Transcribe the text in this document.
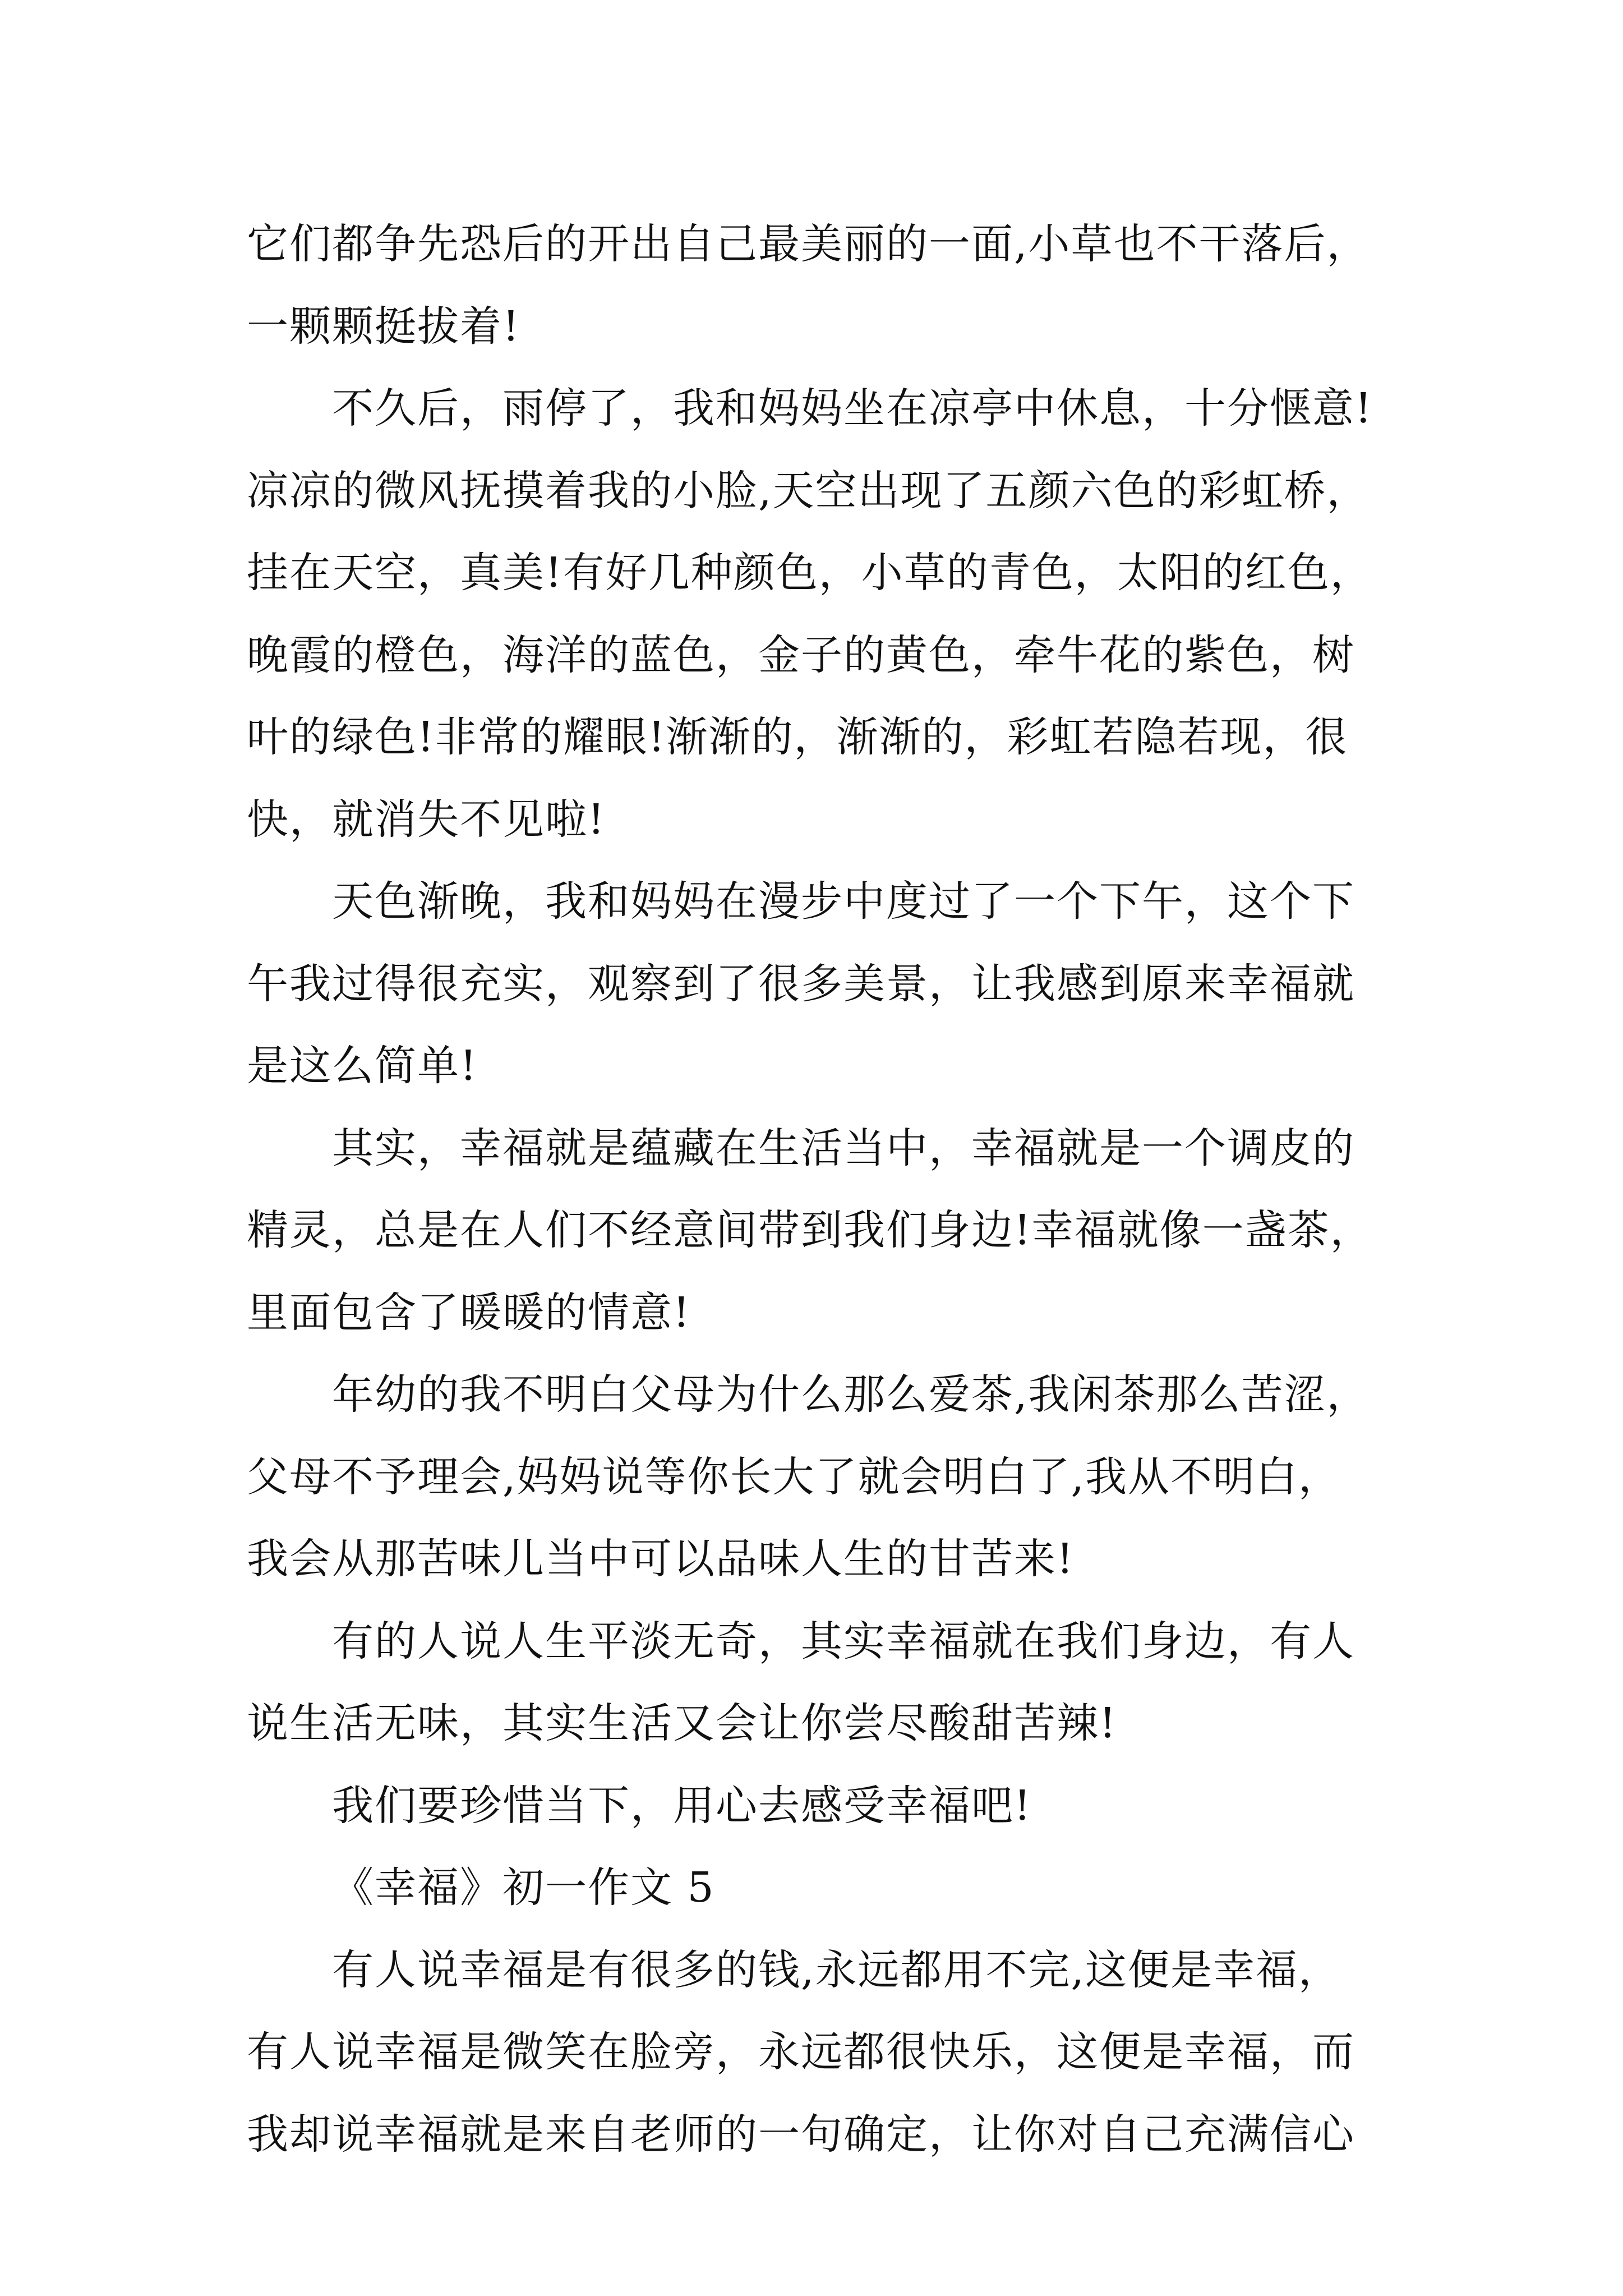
它们都争先恐后的开出自己最美丽的一面,小草也不干落后，
一颗颗挺拔着!
不久后，雨停了，我和妈妈坐在凉亭中休息，十分惬意!
凉凉的微风抚摸着我的小脸,天空出现了五颜六色的彩虹桥，
挂在天空，真美!有好几种颜色，小草的青色，太阳的红色，
晚霞的橙色，海洋的蓝色，金子的黄色，牵牛花的紫色，树
叶的绿色!非常的耀眼!渐渐的，渐渐的，彩虹若隐若现，很
快，就消失不见啦!
天色渐晚，我和妈妈在漫步中度过了一个下午，这个下
午我过得很充实，观察到了很多美景，让我感到原来幸福就
是这么简单!
其实，幸福就是蕴藏在生活当中，幸福就是一个调皮的
精灵，总是在人们不经意间带到我们身边!幸福就像一盏茶，
里面包含了暖暖的情意!
年幼的我不明白父母为什么那么爱茶,我闲茶那么苦涩，
父母不予理会,妈妈说等你长大了就会明白了,我从不明白，
我会从那苦味儿当中可以品味人生的甘苦来!
有的人说人生平淡无奇，其实幸福就在我们身边，有人
说生活无味，其实生活又会让你尝尽酸甜苦辣!
我们要珍惜当下，用心去感受幸福吧!
《幸福》初一作文 5
有人说幸福是有很多的钱,永远都用不完,这便是幸福，
有人说幸福是微笑在脸旁，永远都很快乐，这便是幸福，而
我却说幸福就是来自老师的一句确定，让你对自己充满信心
